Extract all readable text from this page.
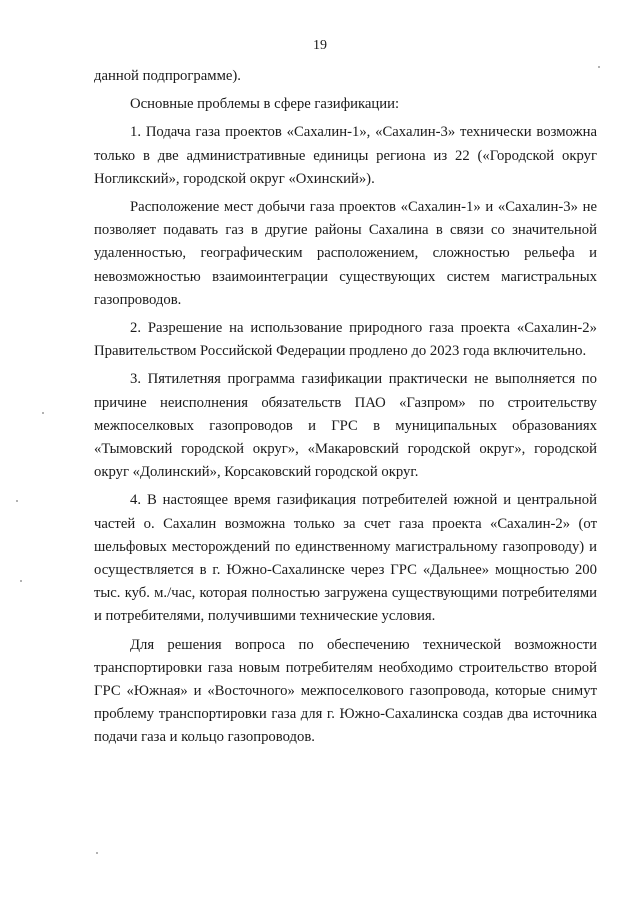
19

данной подпрограмме).

Основные проблемы в сфере газификации:

1. Подача газа проектов «Сахалин-1», «Сахалин-3» технически возможна только в две административные единицы региона из 22 («Городской округ Ногликский», городской округ «Охинский»).

Расположение мест добычи газа проектов «Сахалин-1» и «Сахалин-3» не позволяет подавать газ в другие районы Сахалина в связи со значительной удаленностью, географическим расположением, сложностью рельефа и невозможностью взаимоинтеграции существующих систем магистральных газопроводов.

2. Разрешение на использование природного газа проекта «Сахалин-2» Правительством Российской Федерации продлено до 2023 года включительно.

3. Пятилетняя программа газификации практически не выполняется по причине неисполнения обязательств ПАО «Газпром» по строительству межпоселковых газопроводов и ГРС в муниципальных образованиях «Тымовский городской округ», «Макаровский городской округ», городской округ «Долинский», Корсаковский городской округ.

4. В настоящее время газификация потребителей южной и центральной частей о. Сахалин возможна только за счет газа проекта «Сахалин-2» (от шельфовых месторождений по единственному магистральному газопроводу) и осуществляется в г. Южно-Сахалинске через ГРС «Дальнее» мощностью 200 тыс. куб. м./час, которая полностью загружена существующими потребителями и потребителями, получившими технические условия.

Для решения вопроса по обеспечению технической возможности транспортировки газа новым потребителям необходимо строительство второй ГРС «Южная» и «Восточного» межпоселкового газопровода, которые снимут проблему транспортировки газа для г. Южно-Сахалинска создав два источника подачи газа и кольцо газопроводов.
